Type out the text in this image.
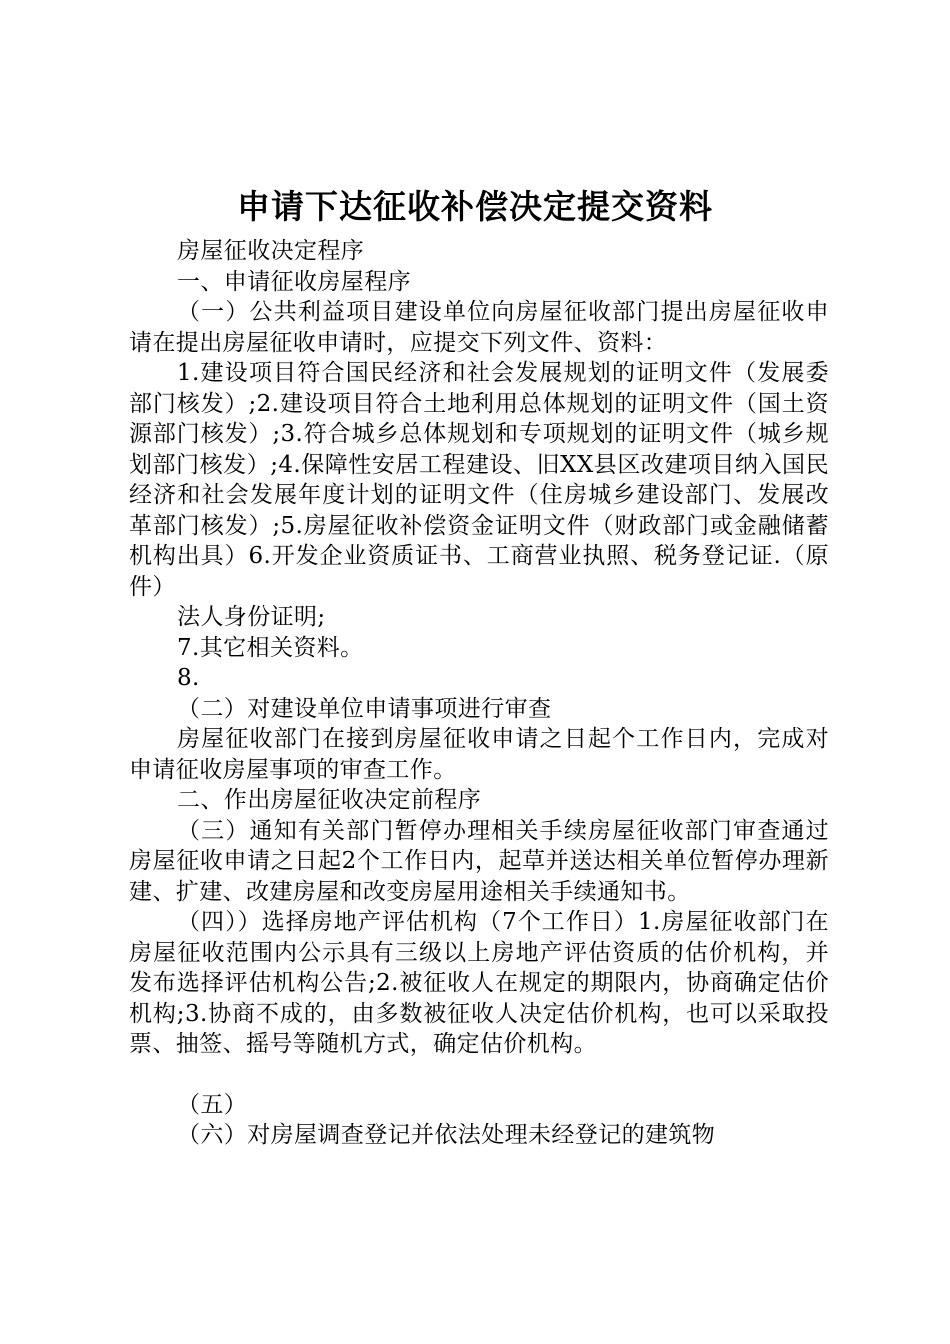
申请下达征收补偿决定提交资料

房屋征收决定程序

一、申请征收房屋程序

（一）公共利益项目建设单位向房屋征收部门提出房屋征收申请在提出房屋征收申请时，应提交下列文件、资料：

1.建设项目符合国民经济和社会发展规划的证明文件（发展委部门核发）;2.建设项目符合土地利用总体规划的证明文件（国土资源部门核发）;3.符合城乡总体规划和专项规划的证明文件（城乡规划部门核发）;4.保障性安居工程建设、旧XX县区改建项目纳入国民经济和社会发展年度计划的证明文件（住房城乡建设部门、发展改革部门核发）;5.房屋征收补偿资金证明文件（财政部门或金融储蓄机构出具）6.开发企业资质证书、工商营业执照、税务登记证.（原件）

法人身份证明;

7.其它相关资料。

8.

（二）对建设单位申请事项进行审查

房屋征收部门在接到房屋征收申请之日起个工作日内，完成对申请征收房屋事项的审查工作。

二、作出房屋征收决定前程序

（三）通知有关部门暂停办理相关手续房屋征收部门审查通过房屋征收申请之日起2个工作日内，起草并送达相关单位暂停办理新建、扩建、改建房屋和改变房屋用途相关手续通知书。

（四））选择房地产评估机构（7个工作日）1.房屋征收部门在房屋征收范围内公示具有三级以上房地产评估资质的估价机构，并发布选择评估机构公告;2.被征收人在规定的期限内，协商确定估价机构;3.协商不成的，由多数被征收人决定估价机构，也可以采取投票、抽签、摇号等随机方式，确定估价机构。

（五）

（六）对房屋调查登记并依法处理未经登记的建筑物
